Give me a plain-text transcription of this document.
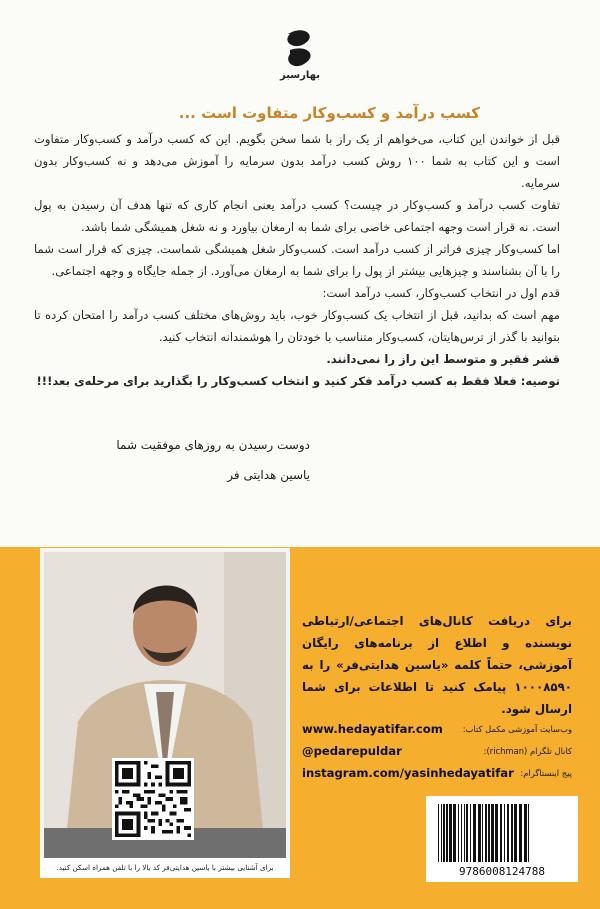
بهارسبز
کسب درآمد و کسب‌وکار متفاوت است ...

قبل از خواندن این کتاب، می‌خواهم از یک راز با شما سخن بگویم. این که کسب درآمد و کسب‌وکار متفاوت است و این کتاب به شما ۱۰۰ روش کسب درآمد بدون سرمایه را آموزش می‌دهد و نه کسب‌وکار بدون سرمایه.

تفاوت کسب درآمد و کسب‌وکار در چیست؟ کسب درآمد یعنی انجام کاری که تنها هدف آن رسیدن به پول است. نه قرار است وجهه اجتماعی خاصی برای شما به ارمغان بیاورد و نه شغل همیشگی شما باشد.

اما کسب‌وکار چیزی فراتر از کسب درآمد است. کسب‌وکار شغل همیشگی شماست. چیزی که قرار است شما را با آن بشناسند و چیزهایی بیشتر از پول را برای شما به ارمغان می‌آورد. از جمله جایگاه و وجهه اجتماعی.

قدم اول در انتخاب کسب‌وکار، کسب درآمد است:

مهم است که بدانید، قبل از انتخاب یک کسب‌وکار خوب، باید روش‌های مختلف کسب درآمد را امتحان کرده تا بتوانید با گذر از ترس‌هایتان، کسب‌وکار متناسب با خودتان را هوشمندانه انتخاب کنید.

قشر فقیر و متوسط این راز را نمی‌دانند.

توصیه: فعلا فقط به کسب درآمد فکر کنید و انتخاب کسب‌وکار را بگذارید برای مرحله‌ی بعد!!!

دوست رسیدن به روزهای موفقیت شما
یاسین هدایتی فر
برای آشنایی بیشتر با یاسین هدایتی‌فر کد بالا را با تلفن همراه اسکن کنید.
برای دریافت کانال‌های اجتماعی/ارتباطی نویسنده و اطلاع از برنامه‌های رایگان آموزشی، حتماً کلمه «یاسین هدایتی‌فر» را به ۱۰۰۰۸۵۹۰ پیامک کنید تا اطلاعات برای شما ارسال شود.
وب‌سایت آموزشی مکمل کتاب:
www.hedayatifar.com
کانال تلگرام (richman):
@pedarepuldar
پیج اینستاگرام:
instagram.com/yasinhedayatifar
9786008124788
